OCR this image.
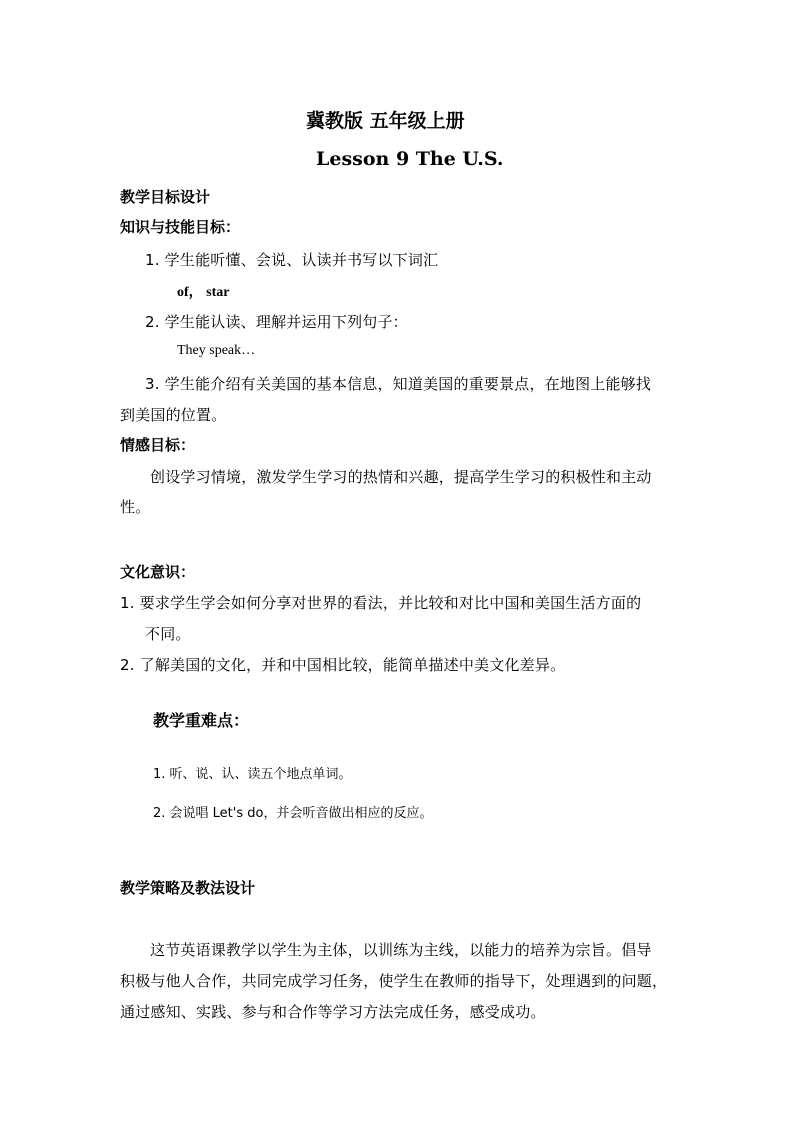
冀教版 五年级上册
Lesson 9 The U.S.
教学目标设计
知识与技能目标：
1. 学生能听懂、会说、认读并书写以下词汇
of， star
2. 学生能认读、理解并运用下列句子：
They speak…
3. 学生能介绍有关美国的基本信息，知道美国的重要景点，在地图上能够找
到美国的位置。
情感目标：
创设学习情境，激发学生学习的热情和兴趣，提高学生学习的积极性和主动
性。
文化意识：
1. 要求学生学会如何分享对世界的看法，并比较和对比中国和美国生活方面的
不同。
2. 了解美国的文化，并和中国相比较，能简单描述中美文化差异。
教学重难点：
1. 听、说、认、读五个地点单词。
2. 会说唱 Let's do，并会听音做出相应的反应。
教学策略及教法设计
这节英语课教学以学生为主体，以训练为主线，以能力的培养为宗旨。倡导
积极与他人合作，共同完成学习任务，使学生在教师的指导下，处理遇到的问题，
通过感知、实践、参与和合作等学习方法完成任务，感受成功。
